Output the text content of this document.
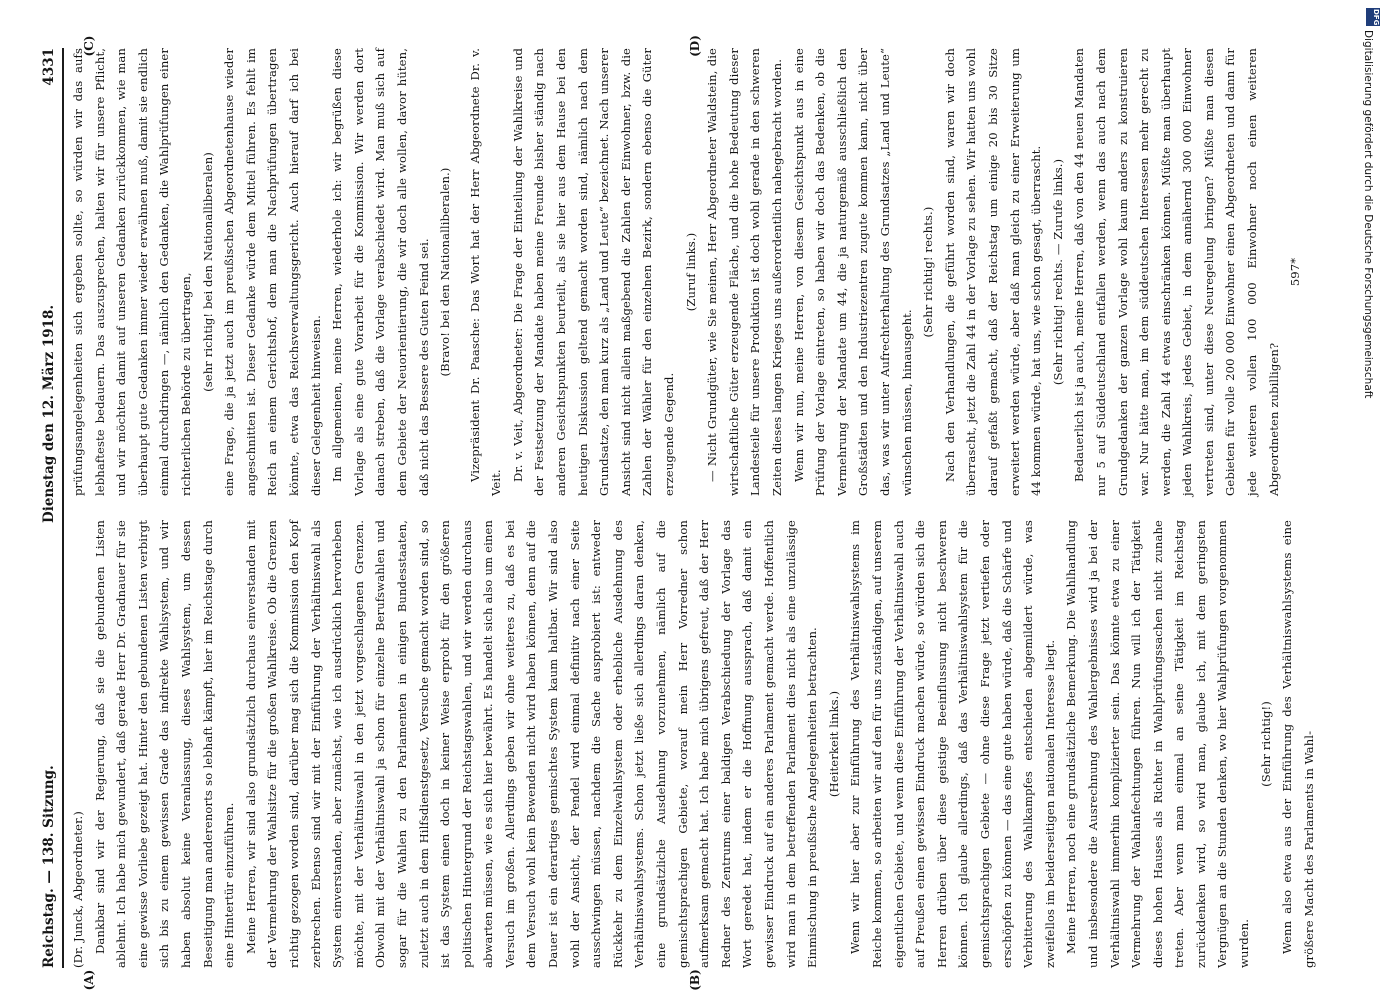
Reichstag. — 138. Sitzung.
Dienstag den 12. März 1918.
4331

(Dr. Junck, Abgeordneter.) Dankbar sind wir der Regierung, daß sie die gebundenen Listen ablehnt. Ich habe mich gewundert, daß gerade Herr Dr. Gradnauer für sie eine gewisse Vorliebe gezeigt hat. Hinter den gebundenen Listen verbirgt sich bis zu einem gewissen Grade das indirekte Wahlsystem, und wir haben absolut keine Veranlassung, dieses Wahlsystem, um dessen Beseitigung man anderenorts so lebhaft kämpft, hier im Reichstage durch eine Hintertür einzuführen. Meine Herren, wir sind also grundsätzlich durchaus einverstanden mit der Vermehrung der Wahlsitze für die großen Wahlkreise. Ob die Grenzen richtig gezogen worden sind, darüber mag sich die Kommission den Kopf zerbrechen. Ebenso sind wir mit der Einführung der Verhältniswahl als System einverstanden, aber zunächst, wie ich ausdrücklich hervorheben möchte, mit der Verhältniswahl in den jetzt vorgeschlagenen Grenzen. Obwohl mit der Verhältniswahl ja schon für einzelne Berufswahlen und sogar für die Wahlen zu den Parlamenten in einigen Bundesstaaten, zuletzt auch in dem Hilfsdienstgesetz, Versuche gemacht worden sind, so ist das System einen doch in keiner Weise erprobt für den größeren politischen Hintergrund der Reichstagswahlen, und wir werden durchaus abwarten müssen, wie es sich hier bewährt. Es handelt sich also um einen Versuch im großen. Allerdings geben wir ohne weiteres zu, daß es bei dem Versuch wohl kein Bewenden nicht wird haben können, denn auf die Dauer ist ein derartiges gemischtes System kaum haltbar. Wir sind also wohl der Ansicht, der Pendel wird einmal definitiv nach einer Seite ausschwingen müssen, nachdem die Sache ausprobiert ist: entweder Rückkehr zu dem Einzelwahlsystem oder erhebliche Ausdehnung des Verhältniswahlsystems. Schon jetzt ließe sich allerdings daran denken, eine grundsätzliche Ausdehnung vorzunehmen, nämlich auf die gemischtsprachigen Gebiete, worauf mein Herr Vorredner schon aufmerksam gemacht hat. Ich habe mich übrigens gefreut, daß der Herr Redner des Zentrums einer baldigen Verabschiedung der Vorlage das Wort geredet hat, indem er die Hoffnung aussprach, daß damit ein gewisser Eindruck auf ein anderes Parlament gemacht werde. Hoffentlich wird man in dem betreffenden Parlament dies nicht als eine unzulässige Einmischung in preußische Angelegenheiten betrachten. (Heiterkeit links.) Wenn wir hier aber zur Einführung des Verhältniswahlsystems im Reiche kommen, so arbeiten wir auf den für uns zuständigen, auf unserem eigentlichen Gebiete, und wenn diese Einführung der Verhältniswahl auch auf Preußen einen gewissen Eindruck machen würde, so würden sich die Herren drüben über diese geistige Beeinflussung nicht beschweren können. Ich glaube allerdings, daß das Verhältniswahlsystem für die gemischtsprachigen Gebiete — ohne diese Frage jetzt vertiefen oder erschöpfen zu können — das eine gute haben würde, daß die Schärfe und Verbitterung des Wahlkampfes entschieden abgemildert würde, was zweifellos im beiderseitigen nationalen Interesse liegt. Meine Herren, noch eine grundsätzliche Bemerkung. Die Wahlhandlung und insbesondere die Ausrechnung des Wahlergebnisses wird ja bei der Verhältniswahl immerhin komplizierter sein. Das könnte etwa zu einer Vermehrung der Wahlanfechtungen führen. Nun will ich der Tätigkeit dieses hohen Hauses als Richter in Wahlprüfungssachen nicht zunahe treten. Aber wenn man einmal an seine Tätigkeit im Reichstag zurückdenken wird, so wird man, glaube ich, mit dem geringsten Vergnügen an die Stunden denken, wo hier Wahlprüfungen vorgenommen wurden.

(Sehr richtig!) Wenn also etwa aus der Einführung des Verhältniswahlsystems eine größere Macht des Parlaments in Wahl-

prüfungsangelegenheiten sich ergeben sollte, so würden wir das aufs lebhafteste bedauern. Das auszusprechen, halten wir für unsere Pflicht, und wir möchten damit auf unseren Gedanken zurückkommen, wie man überhaupt gute Gedanken immer wieder erwähnen muß, damit sie endlich einmal durchdringen —, nämlich den Gedanken, die Wahlprüfungen einer richterlichen Behörde zu übertragen, (sehr richtig! bei den Nationalliberalen) eine Frage, die ja jetzt auch im preußischen Abgeordnetenhause wieder angeschnitten ist. Dieser Gedanke würde dem Mittel führen. Es fehlt im Reich an einem Gerichtshof, dem man die Nachprüfungen übertragen könnte, etwa das Reichsverwaltungsgericht. Auch hierauf darf ich bei dieser Gelegenheit hinweisen. Im allgemeinen, meine Herren, wiederhole ich: wir begrüßen diese Vorlage als eine gute Vorarbeit für die Kommission. Wir werden dort danach streben, daß die Vorlage verabschiedet wird. Man muß sich auf dem Gebiete der Neuorientierung, die wir doch alle wollen, davor hüten, daß nicht das Bessere des Guten Feind sei. (Bravo! bei den Nationalliberalen.)	Vizepräsident Dr. Paasche: Das Wort hat der Herr Abgeordnete Dr. v. Veit.

Dr. v. Veit, Abgeordneter: Die Frage der Einteilung der Wahlkreise und der Festsetzung der Mandate haben meine Freunde bisher ständig nach anderen Gesichtspunkten beurteilt, als sie hier aus dem Hause bei den heutigen Diskussion geltend gemacht worden sind, nämlich nach dem Grundsatze, den man kurz als „Land und Leute“ bezeichnet. Nach unserer Ansicht sind nicht allein maßgebend die Zahlen der Einwohner, bzw. die Zahlen der Wähler für den einzelnen Bezirk, sondern ebenso die Güter erzeugende Gegend.

(Zuruf links.) — Nicht Grundgüter, wie Sie meinen, Herr Abgeordneter Waldstein, die wirtschaftliche Güter erzeugende Fläche, und die hohe Bedeutung dieser Landesteile für unsere Produktion ist doch wohl gerade in den schweren Zeiten dieses langen Krieges uns außerordentlich nahegebracht worden. Wenn wir nun, meine Herren, von diesem Gesichtspunkt aus in eine Prüfung der Vorlage eintreten, so haben wir doch das Bedenken, ob die Vermehrung der Mandate um 44, die ja naturgemäß ausschließlich den Großstädten und den Industriezentren zugute kommen kann, nicht über das, was wir unter Aufrechterhaltung des Grundsatzes „Land und Leute“ wünschen müssen, hinausgeht.

(Sehr richtig! rechts.) Nach den Verhandlungen, die geführt worden sind, waren wir doch überrascht, jetzt die Zahl 44 in der Vorlage zu sehen. Wir hatten uns wohl darauf gefaßt gemacht, daß der Reichstag um einige 20 bis 30 Sitze erweitert werden würde, aber daß man gleich zu einer Erweiterung um 44 kommen würde, hat uns, wie schon gesagt, überrascht. (Sehr richtig! rechts. — Zurufe links.) Bedauerlich ist ja auch, meine Herren, daß von den 44 neuen Mandaten nur 5 auf Süddeutschland entfallen werden, wenn das auch nach dem Grundgedanken der ganzen Vorlage wohl kaum anders zu konstruieren war. Nur hätte man, im dem süddeutschen Interessen mehr gerecht zu werden, die Zahl 44 etwas einschränken können. Müßte man überhaupt jeden Wahlkreis, jedes Gebiet, in dem annähernd 300 000 Einwohner vertreten sind, unter diese Neuregelung bringen? Müßte man diesen Gebieten für volle 200 000 Einwohner einen Abgeordneten und dann für jede weiteren vollen 100 000 Einwohner noch einen weiteren Abgeordneten zubilligen?

597*

(A)	(B)
(C)	(D)
DFG
Digitalisierung gefördert durch die Deutsche Forschungsgemeinschaft
